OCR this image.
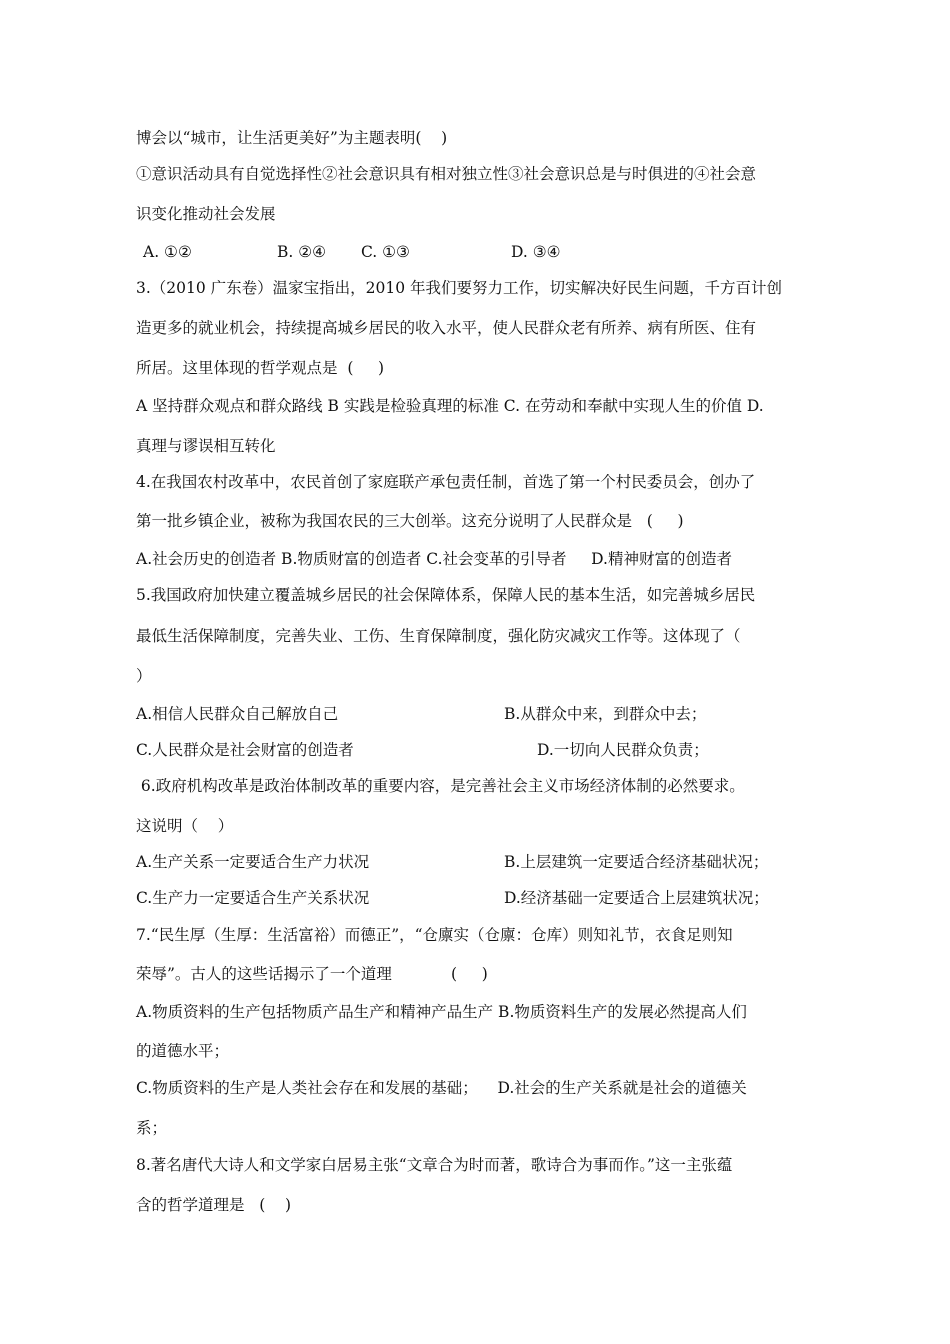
博会以“城市，让生活更美好”为主题表明(    )
①意识活动具有自觉选择性②社会意识具有相对独立性③社会意识总是与时俱进的④社会意
识变化推动社会发展
A. ①②	B. ②④ C. ①③	D. ③④
3.（2010 广东卷）温家宝指出，2010 年我们要努力工作，切实解决好民生问题，千方百计创
造更多的就业机会，持续提高城乡居民的收入水平，使人民群众老有所养、病有所医、住有
所居。这里体现的哲学观点是  (     )
A 坚持群众观点和群众路线 B 实践是检验真理的标准 C. 在劳动和奉献中实现人生的价值 D.
真理与谬误相互转化
4.在我国农村改革中，农民首创了家庭联产承包责任制，首选了第一个村民委员会，创办了
第一批乡镇企业，被称为我国农民的三大创举。这充分说明了人民群众是   (     )
A.社会历史的创造者 B.物质财富的创造者 C.社会变革的引导者     D.精神财富的创造者
5.我国政府加快建立覆盖城乡居民的社会保障体系，保障人民的基本生活，如完善城乡居民
最低生活保障制度，完善失业、工伤、生育保障制度，强化防灾减灾工作等。这体现了（
）
A.相信人民群众自己解放自己	B.从群众中来，到群众中去；
C.人民群众是社会财富的创造者	D.一切向人民群众负责；
6.政府机构改革是政治体制改革的重要内容，是完善社会主义市场经济体制的必然要求。
这说明（    ）
A.生产关系一定要适合生产力状况	B.上层建筑一定要适合经济基础状况；
C.生产力一定要适合生产关系状况	D.经济基础一定要适合上层建筑状况；
7.“民生厚（生厚：生活富裕）而德正”，“仓廪实（仓廪：仓库）则知礼节，衣食足则知
荣辱”。古人的这些话揭示了一个道理            (     )
A.物质资料的生产包括物质产品生产和精神产品生产 B.物质资料生产的发展必然提高人们
的道德水平；
C.物质资料的生产是人类社会存在和发展的基础；    D.社会的生产关系就是社会的道德关
系；
8.著名唐代大诗人和文学家白居易主张“文章合为时而著，歌诗合为事而作。”这一主张蕴
含的哲学道理是   (    )
